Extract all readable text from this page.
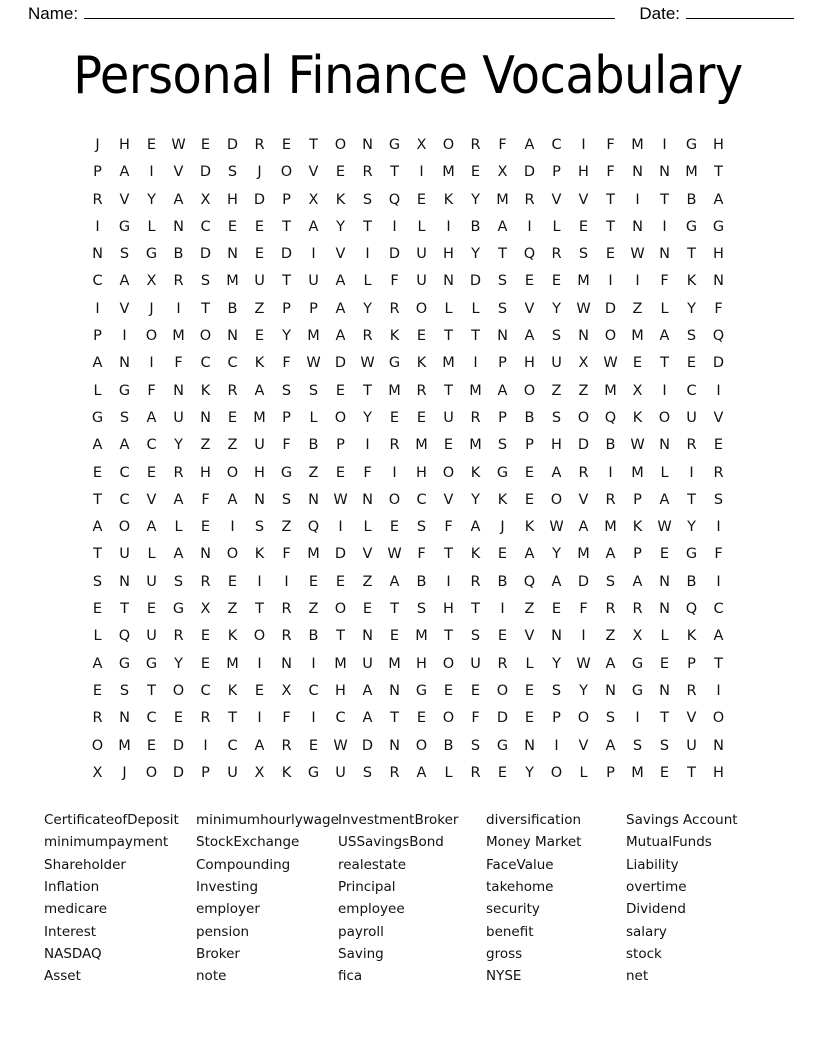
Name:	Date:
Personal Finance Vocabulary
J	H	E	W	E	D	R	E	T	O	N	G	X	O	R	F	A	C	I	F	M	I	G	H
P	A	I	V	D	S	J	O	V	E	R	T	I	M	E	X	D	P	H	F	N	N	M	T
R	V	Y	A	X	H	D	P	X	K	S	Q	E	K	Y	M	R	V	V	T	I	T	B	A
I	G	L	N	C	E	E	T	A	Y	T	I	L	I	B	A	I	L	E	T	N	I	G	G
N	S	G	B	D	N	E	D	I	V	I	D	U	H	Y	T	Q	R	S	E	W N	T	H
C	A	X	R	S	M	U	T	U	A	L	F	U	N	D	S	E	E	M	I	I	F	K	N
I	V	J	I	T	B	Z	P	P	A	Y	R	O	L	L	S	V	Y	W D	Z	L	Y	F
P	I	O	M	O	N	E	Y	M	A	R	K	E	T	T	N	A	S	N	O	M	A	S	Q
A	N	I	F	C	C	K	F	W D W G	K	M	I	P	H	U	X	W	E	T	E	D
L	G	F	N	K	R	A	S	S	E	T	M	R	T	M	A	O	Z	Z	M	X	I	C	I
G	S	A	U	N	E	M	P	L	O	Y	E	E	U	R	P	B	S	O	Q	K	O	U	V
A	A	C	Y	Z	Z	U	F	B	P	I	R	M	E	M	S	P	H	D	B	W N	R	E
E	C	E	R	H	O	H	G	Z	E	F	I	H	O	K	G	E	A	R	I	M	L	I	R
T	C	V	A	F	A	N	S	N W N	O	C	V	Y	K	E	O	V	R	P	A	T	S
A	O	A	L	E	I	S	Z	Q	I	L	E	S	F	A	J	K	W	A	M	K	W	Y	I
T	U	L	A	N	O	K	F	M	D	V	W	F	T	K	E	A	Y	M	A	P	E	G	F
S	N	U	S	R	E	I	I	E	E	Z	A	B	I	R	B	Q	A	D	S	A	N	B	I
E	T	E	G	X	Z	T	R	Z	O	E	T	S	H	T	I	Z	E	F	R	R	N	Q	C
L	Q	U	R	E	K	O	R	B	T	N	E	M	T	S	E	V	N	I	Z	X	L	K	A
A	G	G	Y	E	M	I	N	I	M	U	M	H	O	U	R	L	Y	W	A	G	E	P	T
E	S	T	O	C	K	E	X	C	H	A	N	G	E	E	O	E	S	Y	N	G	N	R	I
R	N	C	E	R	T	I	F	I	C	A	T	E	O	F	D	E	P	O	S	I	T	V	O
O	M	E	D	I	C	A	R	E	W D	N	O	B	S	G	N	I	V	A	S	S	U	N
X	J	O	D	P	U	X	K	G	U	S	R	A	L	R	E	Y	O	L	P	M	E	T	H
CertificateofDeposit
minimumpayment
Shareholder
Inflation
medicare
Interest
NASDAQ
Asset
minimumhourlywage
StockExchange
Compounding
Investing
employer
pension
Broker
note
InvestmentBroker
USSavingsBond
realestate
Principal
employee
payroll
Saving
fica
diversification
Money Market
FaceValue
takehome
security
benefit
gross
NYSE
Savings Account
MutualFunds
Liability
overtime
Dividend
salary
stock
net
